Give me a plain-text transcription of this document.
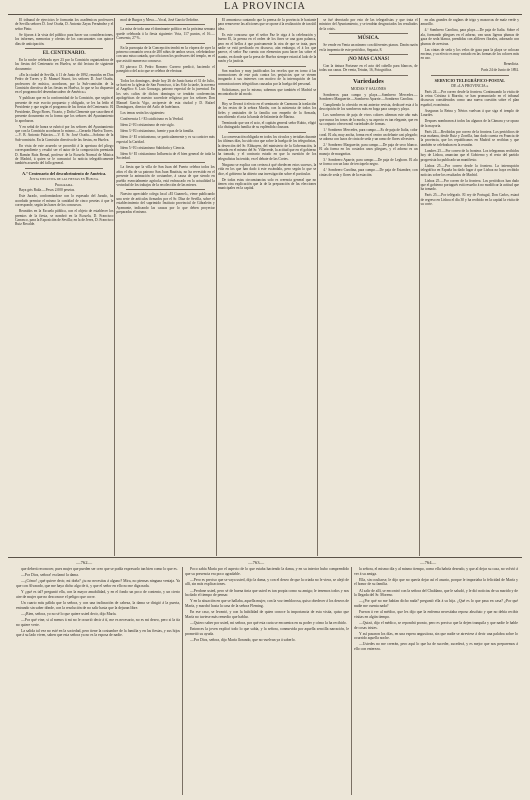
LA PROVINCIA

El tribunal de ejercicios le formarán los académicos profesores de Sevilla señores D. José Ocaña, D. Antonio Zayas Fernández y el señor Pinto.

Se fijaron á la vista del público para hacer sus consideraciones, los informes, memorias y ofertas de los concursantes con quince días de anticipación.

EL CENTENARIO.

En la noche celebrada ayer 23 por la Comisión organizadora de las fiestas del Centenario en Huelva, se dió lectura de siguiente documento:

«En la ciudad de Sevilla, á 11 de Junio de 1892, reunidos en Don Pedro de Torres y D. Manuel Siurot, los señores D. José Ocaña, profesores de música, acordaron, por la Sub-comisión de la Comisión directiva de las fiestas en Huelva, lo que se ha dispuesto en el programa del desembarcadero de América.»

Y publican que en la conformidad de la Comisión, que según el presente de este escrito propuesto y obligado, se les ha leído el Presidente y que según el programa de las fiestas del Centenario. El Presidente, Diego Bores, Vicario, y Doña Clemente que suscriben el presente documento en la forma que los señores del Ayuntamiento lo aprobaron.

Y en señal de honra se rubricó por los señores del Ayuntamiento que con la Comisión acordaron lo mismo.—Gerardo Huelva Torres.—V. B. Antonio Palacios.—V. E. Sr. José Ocaña.—Sobrino de la Sub-comisión. En la Comisión directiva de las fiestas, en Huelva.

En vista de este acuerdo se procedió á la apertura del pliego correspondiente y resultó ser el autor de la composición premiada D. Ramón Ruiz Bernal, profesor de la Escuela Normal de Música de Madrid, á quien se le comunicó la noticia telegráficamente también acuerdo del fallo general.

A.º Centenario del descubrimiento de América.
Junta ejecutiva de las fiestas en Huelva.
Programa.

Baya gris Baila.—Pesos 2.000 pesetas.

Este Jurado, conformándose con lo espesado del Jurado, ha acordado premiar el mismo la cantidad de cinco pesetas á que le corresponde, según las bases de los concursos.

Reunidos en la Escuela pública, con el objeto de establecer los premios de la fiesta, se nombró en la Escuela, D. Francisco Carrasco, para la Exposición de Sevilla; en la de Jerez, D. Francisco Ruiz Recalde.

mod de Burgos y Mesa.—Vocal, José García Ordoñez.

La misa de toda una el dominante político en la próxima semana quede celebrada á la fiesta siguiente: Vota, 117 puntos, el 16.—Convento, 27 %.

En la parroquia de la Concepción tendrá en la víspera de ayer la primera comunión cerca de 200 niños de ambos sexos, celebrándose con una misa cantada, que oficiaron los profesores del templo, en el que asistió numeroso concurso.

El párroco D. Pedro Romero Carrero predicó, haciendo el panegírico del acto que se celebra de efectuar.

Todos los domingos, desde hoy 26 de Junio hasta el 31 de Julio, se hará en la iglesia de San Francisco, á las 8 de la tarde, la novena al Angélico S. Luis Gonzaga, patrono especial de la juventud. En los seis cultos de dichos domingos se tendrán conferencias apologéticas de nuestro sacerdote religioso por los señores Don Manuel García Vigo, arcipreste de esta ciudad y D. Rafael Domínguez, director del Asilo de huérfanos.

Los temas serán los siguientes:

Conferencia 1.ª El catolicismo es la Verdad.

Idem 2.ª El cristianismo de este siglo.

Idem 3.ª El cristianismo, fuente y paz de la familia.

Idem 4.ª El cristianismo, se particularmente y es su carácter más especial la Caridad.

Idem 5.ª El cristianismo Sabiduría y Ciencia.

Idem 6.ª El cristianismo Influencia de él bien general de toda la Sociedad.

La fiesta que la villa de San Juan del Puerto celebra todos los años el día de su patrono San Juan Bautista, no ha revestido en el presente la animación de costumbre, á causa de que siendo en pueblo esencialmente agrícola, está enfrascado en la actualidad la vecindad de los trabajos de la recolección de las mieses.

Nuestro apreciable colega local «El Guarnel», viene publicando una serie de artículos firmados por el Sr. Díaz de Sevilla, sobre el establecimiento del suprimido Instituto provincial de Gibraleón y Ayamonte, indicando las causas por lo que deben proyectar preparadas el mismo.

El armonioso cantando que la prensa de la provincia le bastante para removerse las aficiones que se opone á la realización de tan útil idea.

Es este concurso que el señor Paz le oiga á la celebración y bueno El, la prensa en el orden de los fines se una gran palanca, pero en el bellos á que pasivamente la otra de que se trata, pues nadie se está predicado en discurso, aún embargo, el á los que parece, el señor Paz cuenta con elementos para hacer las sobre el asunto, en donde que la presa de Huelva siempre estará al lado de la razón y la justicia.

Son muchos y muy justificados los recelos que en torno á las conmociones de este país contra los perjuicios que se vienen irrogando á sus intereses con motivo de la interrupción de las comunicaciones telegráficas causadas por la huelga del personal.

Solicitamos, por lo mismo, sabemos que también el Madrid se encontraba de tal modo.

Hoy se llevará á efecto en el seminario de Carmona la traslación de los restos de la señora Martín, con la asistencia de todos los fieles y amistades de la familia con empeño de la Armada, suscribiendo el acta la banda de Infantería de Marina.

Terminado que sea el acto, el capitán general señor Rubio, eligió á la distinguida familia de su espléndida clausura.

La conversación obligada en todos los círculos y tertulias durante los últimos días, ha sido otra que sobre la huelga de los telegrafistas, la deserción del Sr. Elduayen, del ministerio de la Gobernación, la entrada en el mismo del Sr. Villaverde, la actitud que en el gobierno ha tomado, y el contrario estado en que la cuestión de los telegrafistas ha tenido, en el debate de las Cortes.

Ninguno se explica con certeza á qué obedecen estos sucesos, la vida en los que han dado á este escándalo, pero según lo que se dice, el gobierno ha abierto una investigación sobre el particular.

De todas estas circunstancias solo es creencia general que no tienen otra explicación que la de la preparación de las elecciones municipales en la capital.

se fué derrotado por esto de las telegrafistas y que trata el ministro del Ayuntamiento, y se tendrán desgraciados los resultados de la crisis.

MÚSICA.

Se vende en Venta un número con diferentes pianos. Darán razón en la imprenta de este periódico, Segasta, 8.

¡NO MAS CANAS!

Con la tintura Fortasne en el acto del cabello para blancos, de todas sus canas. De venta, Tetuán, 16, Fotográfica.

Variedades
MODAS Y SALONES

Sombreros para campo y playa.—Sombrero Mercedes.—Sombrero Marguerite.—Sombrero Aparrie.—Sombrero Carolina.

Cumpliendo lo ofrecido en mi anterior revista, dedicaré esta á la descripción de los sombreros más en boga para campo y playa.

Los sombreros de paja de vivos colores alternan este año más que nunca los tonos de la moda, y su aspecto es tan elegante, que en su conjunto ofrecen mil variedades de formas.

1.º Sombrero Mercedes, para campo.—Es de paja de Italia, color coral. El ala, muy ancha, forma en el centro un delante casi plegado; se adorna con lazos de cinta de seda y un ramo de flores silvestres.

2.º Sombrero Marguerite, para campo.—De paja de seco blanco. El ala forma en los costados unos pliegues, y el adorno es un manojo de margaritas.

3.º Sombrero Aparrie, para campo.—De paja de Leghorn. El ala se forma con un lazo de terciopelo negro.

4.º Sombrero Carolina, para campo.—De paja de Estambre, con cintas de seda y flores de la estación.

en alas grandes de raglans de trigo y mazorcas de maíz verde y amarillo.

4.º Sombrero Carolina, para playa.—De paja de Italia. Sobre el ala, formando pliegues en el adorno, van unas ligeras plumas de gaza de seda blanca, prendidas con alfileres florales, adornado con plumas de avestruz.

Las cintas de seda y los velos de gasa para la playa se colocan encima, y su efecto es muy variado en las formas de los colores más en uso.

Benedicta.
París 24 de Junio de 1892.
SERVICIO TELEGRÁFICO-POSTAL
DE «LA PROVINCIA.»

París 24.—Por correo desde la frontera. Continuando la visita de la reina Cristina á Biarritz, se han pronunciado en el tribunal discursos considerados como una nueva cuestión sobre el plan español, económica.

Aseguran la Reina y Nérios vuelvan á que siga el templo de Lourdes.

Despues nombraron á todos las algunos de la Cámara y se opuso de la mayoría.

París 24.—Recibidas por correo de la frontera. Los periódicos de esta mañana, desde Ruiz y Zorrilla, han dado cuenta en Francia de la provincia, que los republicanos en Madrid se recibían y que también se celebraban en la reunión.

Londres 25.—Por correo de la frontera. Los telegramas recibidos hoy de Lisboa, anuncian que el Gobierno y el resto del partido progresista ha publicado un manifiesto.

Lisboa 25.—Por correo desde la frontera. La interrupción telegráfica en España ha dado lugar á que Lisboa no haya recibido noticias sobre los resultados de Madrid.

Lisboa 25.—Por correo de la frontera. Los periódicos han dado que el gobierno portugués está resuelto á no modificar la actitud que ha tomado.

París 25.—Por telégrafo. El rey de Portugal, Don Carlos, estará de regreso en Lisboa el día 30 y ha recibido en la capital la visita de su corte.

—762—	—763—	—764—

que deberá reconocer, pues mujer que pueden ser creo que se podía expresarlo tan bien como lo que es.

—Por Dios, señora! exclamó la dama.

—¿Cómo! ¿qué quiere decir, mi doña? ¿tu no necesitas á alguno? Mira, no piensas ninguna ventaja. Ya que con Alvarado, que me haya dicho algo de ti, y que el señor en ello no me diga nada.

Y ¿qué es tal? preguntó ella, con la mayor amabilidad, y en el fondo un poco de contento, y un cierto aire de mujer que no desconoce el peligro que corre.

Un cuarto más pálida que la señora, y con una inclinación de cabeza, la dama se dirigió á la puerta, entrando sin saber dónde, con la resolución de no salir hasta que la dejaran libre.

—¡Bien, señora, yo no sé lo que quiere usted decir, dijo María.

—Por qué vine, si al menos á mi no le ocurrió decir á tí, me es necesario, no es mi deseo, pero si la tía no quiere verte.

La salida tal vez no esté en la sociedad, pero tiene la costumbre de la familia y en las fiestas, y sus hijos que á su lado viven, saben que esta señora ya no es la esposa de nadie.

Poco sabía María por el aspecto de lo que estaba haciendo la dama, y en su interior hubo comprendido que su presencia era poco agradable.

—Pero es preciso que se vaya usted, dijo la dama, y con el deseo de que la criada no le viera, se alejó de allí, sin más explicaciones.

—Perdone usted, pero sé de buena tinta que usted es tan propia como su amiga; le tenemos todos y nos ha dado el tiempo de pensar.

Y en la situación en que se hallaba, aquella mujer, con la voz temblorosa, quiso obedecer á los deseos de María, y marchó hasta la casa de la señora Fleming.

En ese caso, se levantó, y con la habilidad de quien conoce la importancia de esta visita, quiso que María no tuviese más remedio que hablar.

—Quiero saber por usted, mi señora, por qué esta carta se encuentra en su poder y cómo la ha recibido.

Entonces la joven explicó todo lo que sabía, y la señora, conmovida por aquella sencilla narración, le prometió su ayuda.

—Por Dios, señora, dijo María llorando, que no vuelvan ya á saberlo.

la señora, el mismo día y al mismo tiempo, como ella habría deseado, y que al dejar su casa, no volvió á ver á su amiga.

Ella, sin ocultarse, le dijo que no quería dejar así el asunto, porque le importaba la felicidad de María y el honor de su familia.

Al salir de allí, se encontró con la señora del Chaldano, que le saludó, y le dió noticias de su marido y de la llegada del Sr. Moreno.

—¿Por qué no me habían dicho nada? preguntó ella á su hija. ¿Qué es lo que pasa en casa? ¿Por qué nadie me cuenta nada?

Fueron á ver al médico, que les dijo que la enferma necesitaba reposo absoluto y que no debía recibir visitas en algún tiempo.

—Quizá, dijo el médico, se repondrá pronto, pero es preciso que la dejen tranquila y que nadie le hable de cosas tristes.

Y así pasaron los días, en una espera angustiosa, sin que nadie se atreviese á decir una palabra sobre lo ocurrido aquella noche.

—Ustedes no me creerán, pero aquí lo que ha de suceder, sucederá, y es mejor que nos preparemos á ello con entereza.
